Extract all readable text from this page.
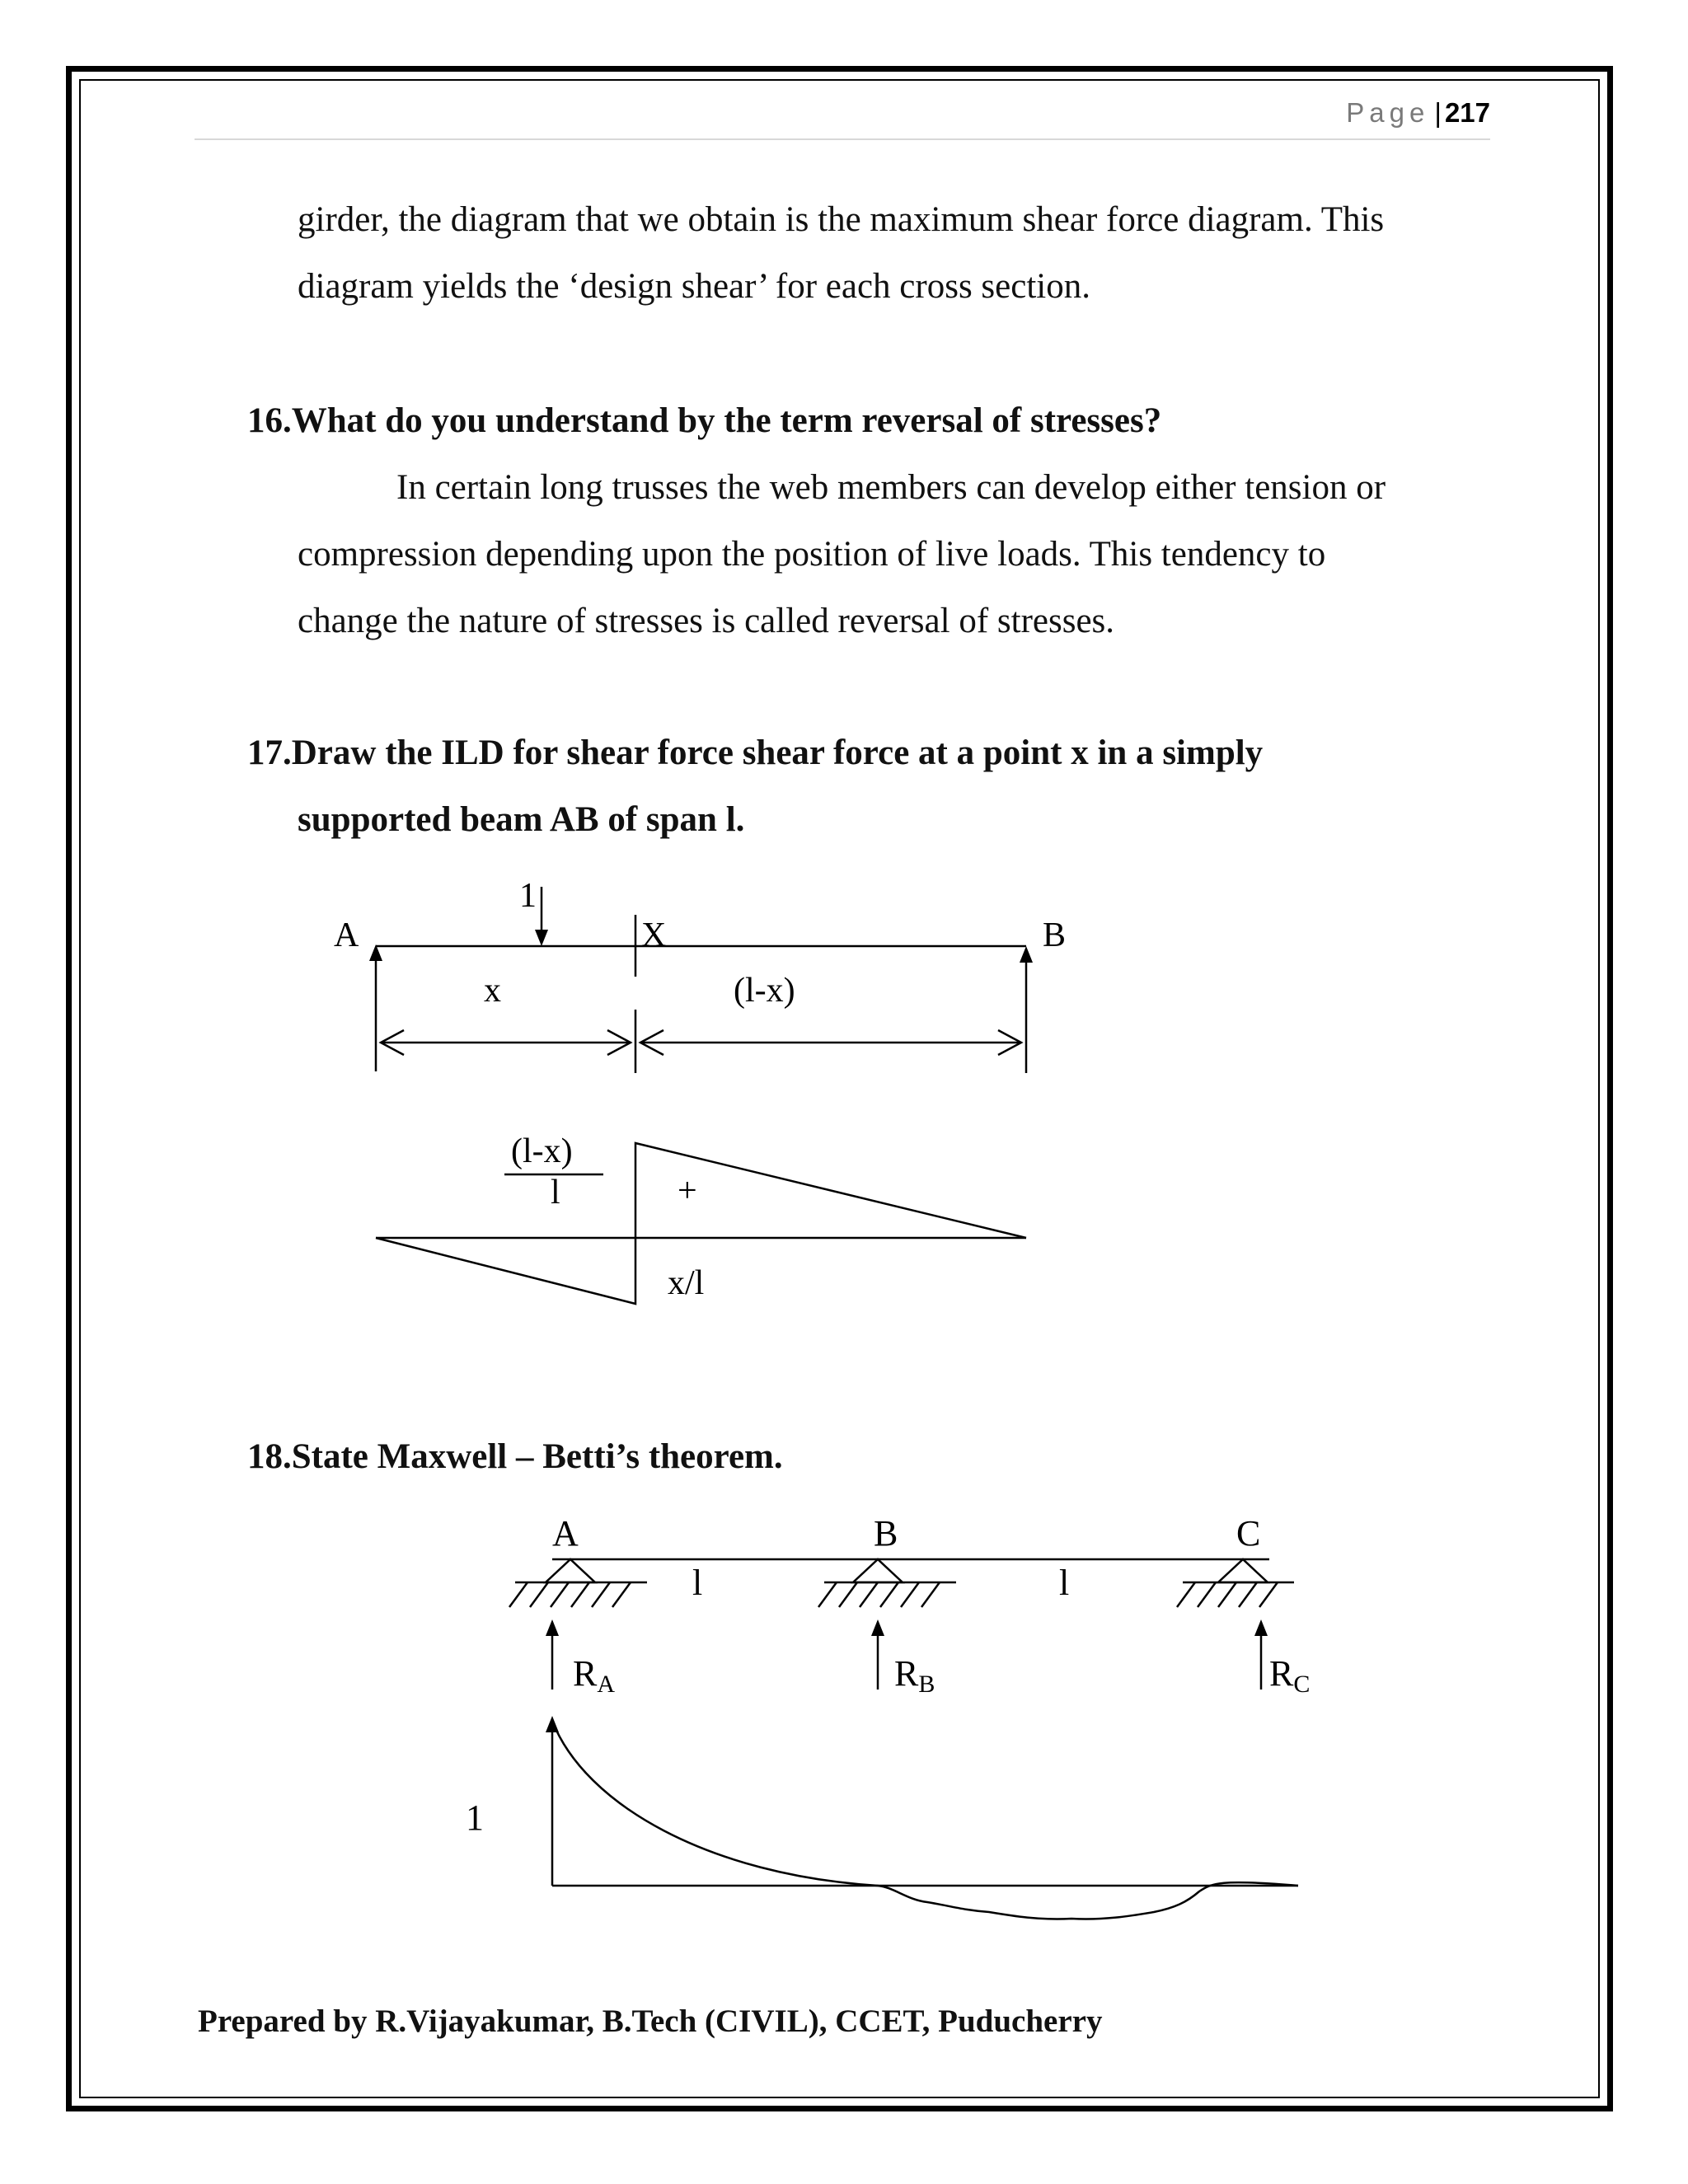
Page | 217
girder, the diagram that we obtain is the maximum shear force diagram. This
diagram yields the ‘design shear’ for each cross section.
16.What do you understand by the term reversal of stresses?
In certain long trusses the web members can develop either tension or
compression depending upon the position of live loads. This tendency to
change the nature of stresses is called reversal of stresses.
17.Draw the ILD for shear force shear force at a point x in a simply
supported beam AB of span l.
A	B
X
1
x	(l-x)
(l-x)
l	+
x/l
18.State Maxwell – Betti’s theorem.
A	B	C
l	l
RA	RB	RC
1
Prepared by R.Vijayakumar, B.Tech (CIVIL), CCET, Puducherry
